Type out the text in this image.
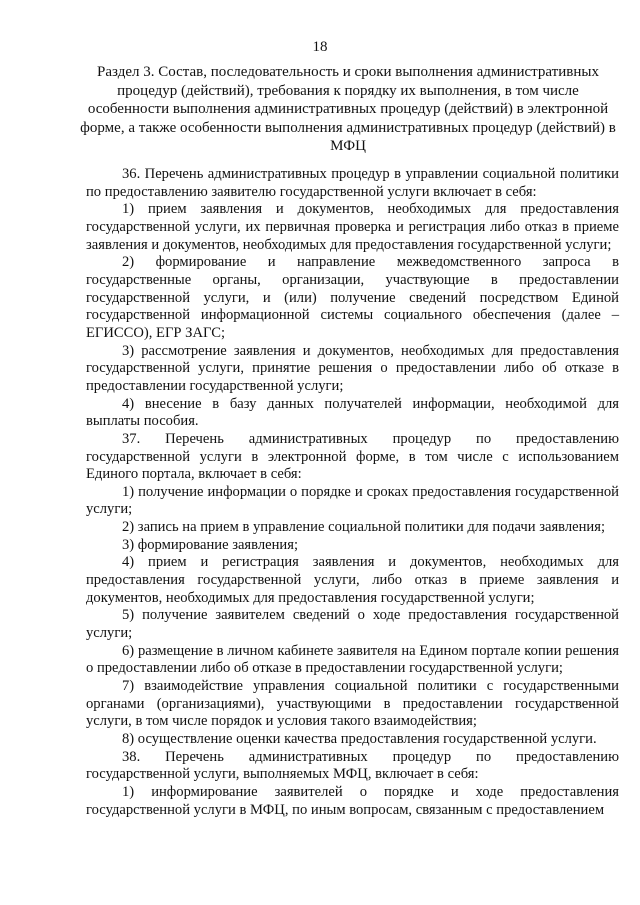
18
Раздел 3. Состав, последовательность и сроки выполнения административных процедур (действий), требования к порядку их выполнения, в том числе особенности выполнения административных процедур (действий) в электронной форме, а также особенности выполнения административных процедур (действий) в МФЦ

36. Перечень административных процедур в управлении социальной политики по предоставлению заявителю государственной услуги включает в себя:

1) прием заявления и документов, необходимых для предоставления государственной услуги, их первичная проверка и регистрация либо отказ в приеме заявления и документов, необходимых для предоставления государственной услуги;

2) формирование и направление межведомственного запроса в государственные органы, организации, участвующие в предоставлении государственной услуги, и (или) получение сведений посредством Единой государственной информационной системы социального обеспечения (далее – ЕГИССО), ЕГР ЗАГС;

3) рассмотрение заявления и документов, необходимых для предоставления государственной услуги, принятие решения о предоставлении либо об отказе в предоставлении государственной услуги;

4) внесение в базу данных получателей информации, необходимой для выплаты пособия.

37. Перечень административных процедур по предоставлению государственной услуги в электронной форме, в том числе с использованием Единого портала, включает в себя:

1) получение информации о порядке и сроках предоставления государственной услуги;

2) запись на прием в управление социальной политики для подачи заявления;

3) формирование заявления;

4) прием и регистрация заявления и документов, необходимых для предоставления государственной услуги, либо отказ в приеме заявления и документов, необходимых для предоставления государственной услуги;

5) получение заявителем сведений о ходе предоставления государственной услуги;

6) размещение в личном кабинете заявителя на Едином портале копии решения о предоставлении либо об отказе в предоставлении государственной услуги;

7) взаимодействие управления социальной политики с государственными органами (организациями), участвующими в предоставлении государственной услуги, в том числе порядок и условия такого взаимодействия;

8) осуществление оценки качества предоставления государственной услуги.

38. Перечень административных процедур по предоставлению государственной услуги, выполняемых МФЦ, включает в себя:

1) информирование заявителей о порядке и ходе предоставления государственной услуги в МФЦ, по иным вопросам, связанным с предоставлением
